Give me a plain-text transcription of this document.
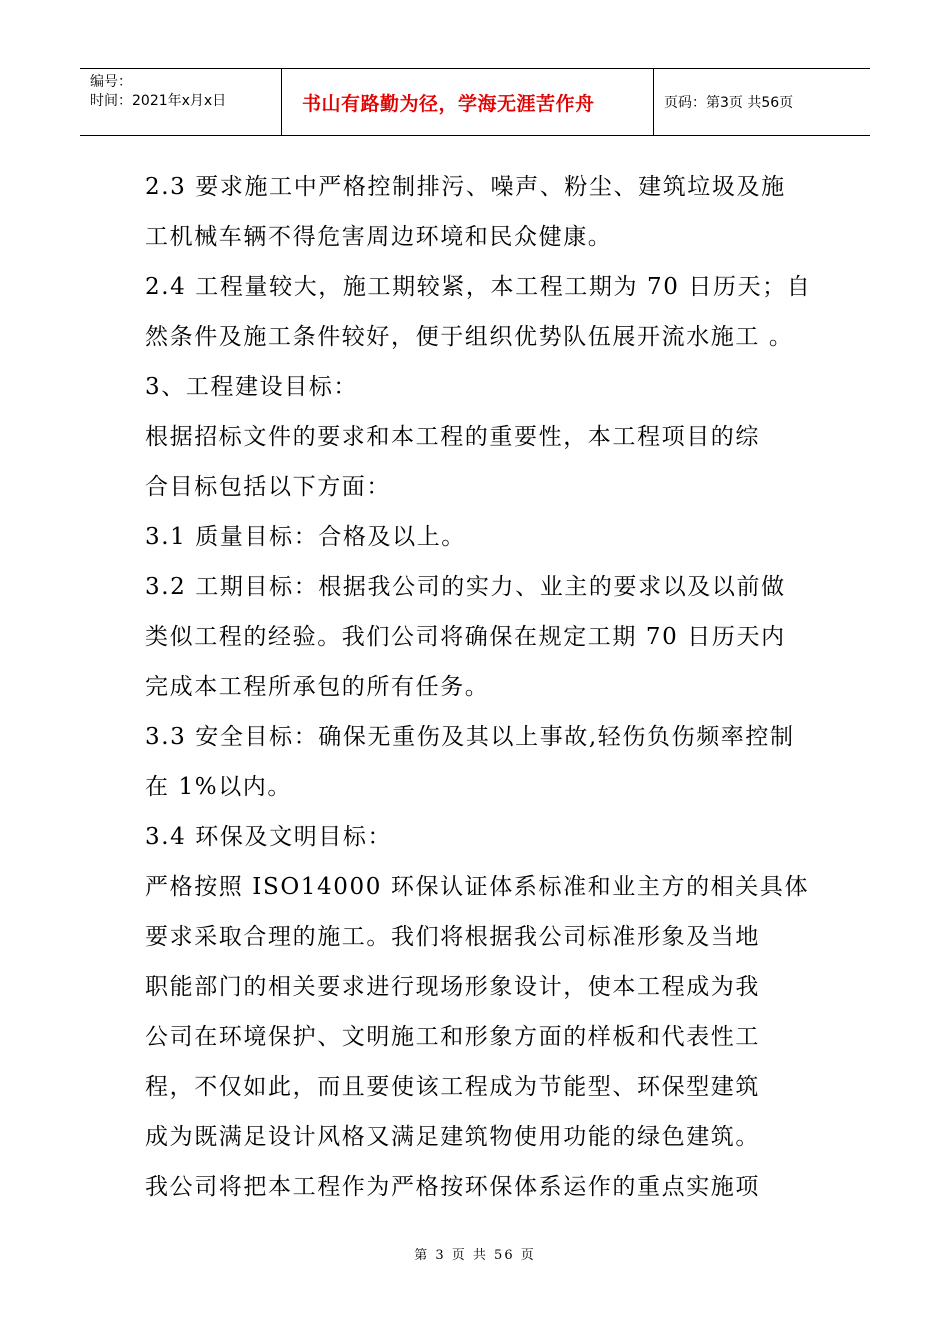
编号：
时间：2021年x月x日	书山有路勤为径，学海无涯苦作舟	页码：第3页 共56页
2.3 要求施工中严格控制排污、噪声、粉尘、建筑垃圾及施
工机械车辆不得危害周边环境和民众健康。
2.4 工程量较大，施工期较紧，本工程工期为 70 日历天；自
然条件及施工条件较好，便于组织优势队伍展开流水施工 。
3、工程建设目标：
根据招标文件的要求和本工程的重要性，本工程项目的综
合目标包括以下方面：
3.1 质量目标：合格及以上。
3.2 工期目标：根据我公司的实力、业主的要求以及以前做
类似工程的经验。我们公司将确保在规定工期 70 日历天内
完成本工程所承包的所有任务。
3.3 安全目标：确保无重伤及其以上事故,轻伤负伤频率控制
在 1%以内。
3.4 环保及文明目标：
严格按照 ISO14000 环保认证体系标准和业主方的相关具体
要求采取合理的施工。我们将根据我公司标准形象及当地
职能部门的相关要求进行现场形象设计，使本工程成为我
公司在环境保护、文明施工和形象方面的样板和代表性工
程，不仅如此，而且要使该工程成为节能型、环保型建筑
成为既满足设计风格又满足建筑物使用功能的绿色建筑。
我公司将把本工程作为严格按环保体系运作的重点实施项
第 3 页 共 56 页
